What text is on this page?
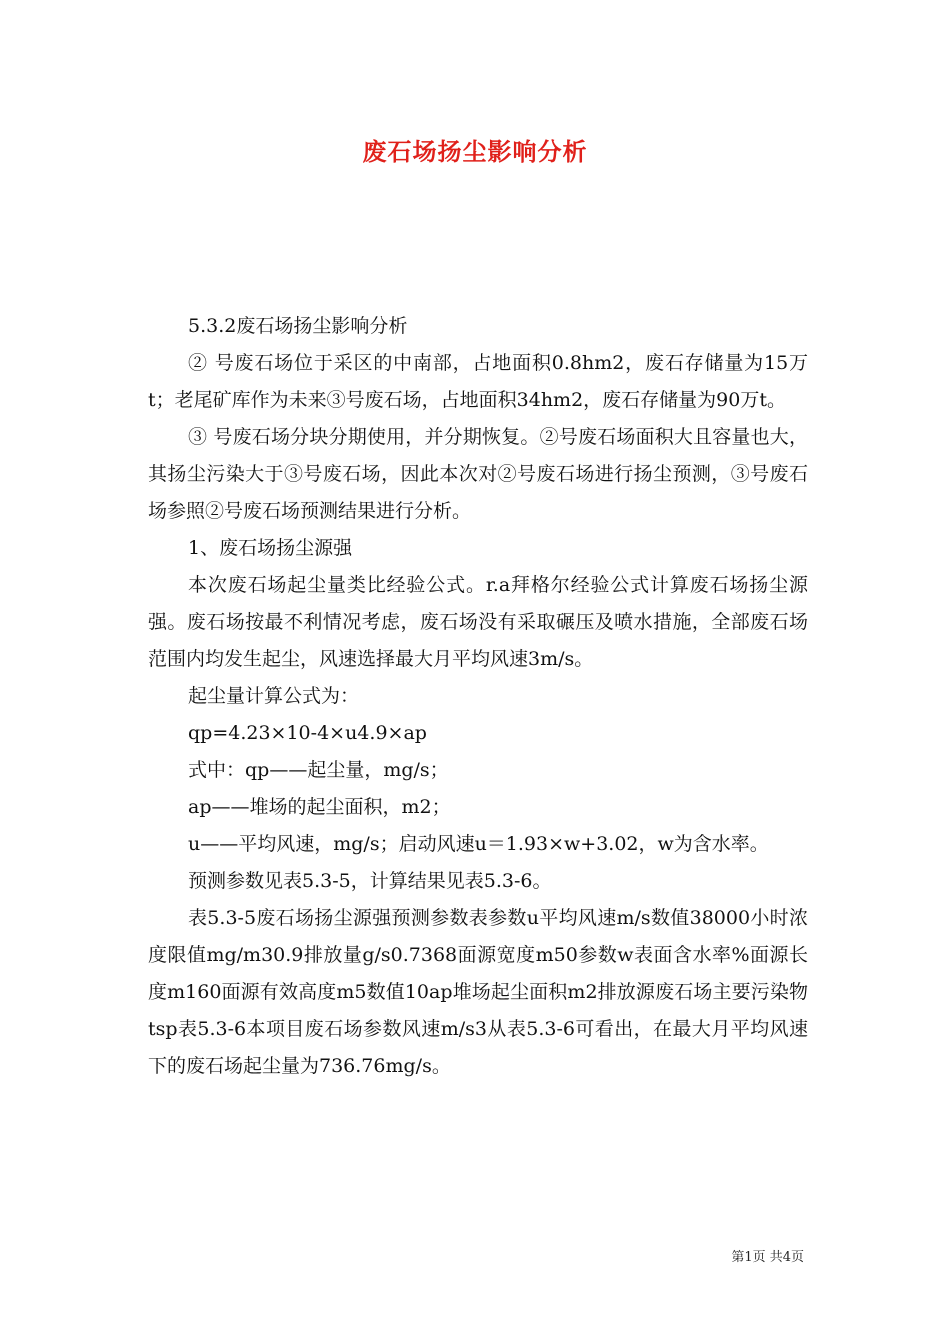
废石场扬尘影响分析

5.3.2废石场扬尘影响分析

② 号废石场位于采区的中南部，占地面积0.8hm2，废石存储量为15万t；老尾矿库作为未来③号废石场，占地面积34hm2，废石存储量为90万t。

③ 号废石场分块分期使用，并分期恢复。②号废石场面积大且容量也大，其扬尘污染大于③号废石场，因此本次对②号废石场进行扬尘预测，③号废石场参照②号废石场预测结果进行分析。

1、废石场扬尘源强

本次废石场起尘量类比经验公式。r.a拜格尔经验公式计算废石场扬尘源强。废石场按最不利情况考虑，废石场没有采取碾压及喷水措施，全部废石场范围内均发生起尘，风速选择最大月平均风速3m/s。

起尘量计算公式为：

qp=4.23×10-4×u4.9×ap

式中：qp——起尘量，mg/s；

ap——堆场的起尘面积，m2；

u——平均风速，mg/s；启动风速u＝1.93×w+3.02，w为含水率。

预测参数见表5.3-5，计算结果见表5.3-6。

表5.3-5废石场扬尘源强预测参数表参数u平均风速m/s数值38000小时浓度限值mg/m30.9排放量g/s0.7368面源宽度m50参数w表面含水率%面源长度m160面源有效高度m5数值10ap堆场起尘面积m2排放源废石场主要污染物tsp表5.3-6本项目废石场参数风速m/s3从表5.3-6可看出，在最大月平均风速下的废石场起尘量为736.76mg/s。

第1页 共4页
